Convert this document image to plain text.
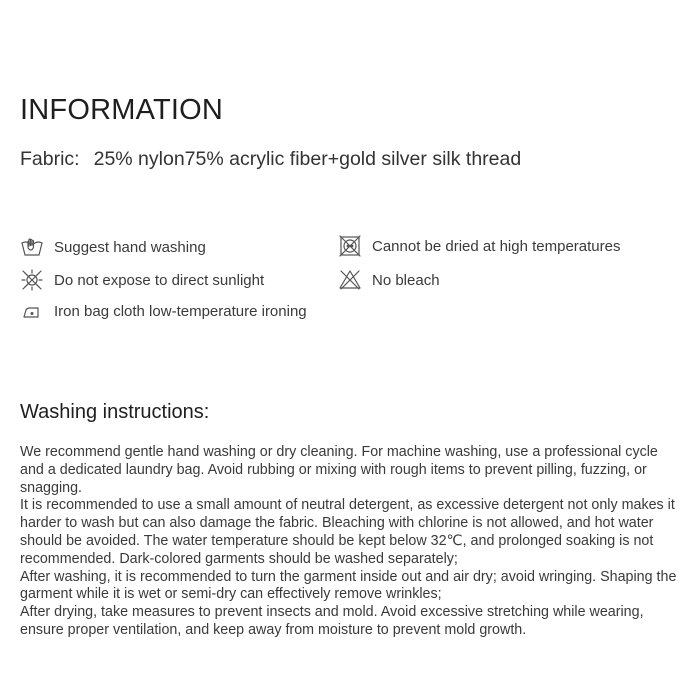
INFORMATION
Fabric: 25% nylon75% acrylic fiber+gold silver silk thread
Suggest hand washing
Do not expose to direct sunlight
Iron bag cloth low-temperature ironing
Cannot be dried at high temperatures
No bleach
Washing instructions:

We recommend gentle hand washing or dry cleaning. For machine washing, use a professional cycle and a dedicated laundry bag. Avoid rubbing or mixing with rough items to prevent pilling, fuzzing, or snagging.

It is recommended to use a small amount of neutral detergent, as excessive detergent not only makes it harder to wash but can also damage the fabric. Bleaching with chlorine is not allowed, and hot water should be avoided. The water temperature should be kept below 32℃, and prolonged soaking is not recommended. Dark-colored garments should be washed separately;

After washing, it is recommended to turn the garment inside out and air dry; avoid wringing. Shaping the garment while it is wet or semi-dry can effectively remove wrinkles;

After drying, take measures to prevent insects and mold. Avoid excessive stretching while wearing, ensure proper ventilation, and keep away from moisture to prevent mold growth.
